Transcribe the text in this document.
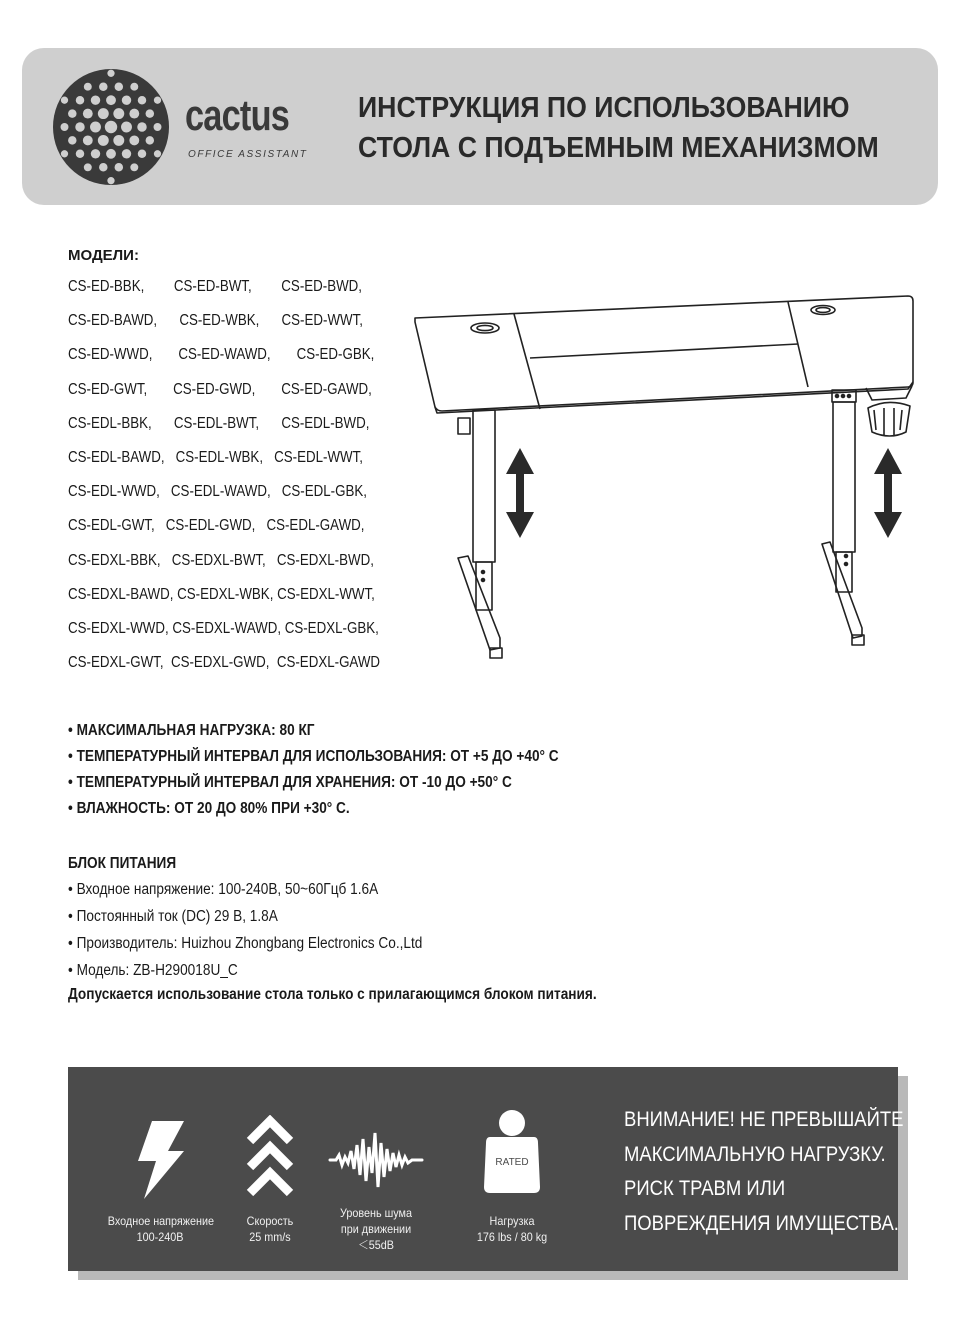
cactus
OFFICE ASSISTANT
ИНСТРУКЦИЯ ПО ИСПОЛЬЗОВАНИЮ
СТОЛА С ПОДЪЕМНЫМ МЕХАНИЗМОМ
МОДЕЛИ:
CS-ED-BBK,        CS-ED-BWT,        CS-ED-BWD,
CS-ED-BAWD,      CS-ED-WBK,      CS-ED-WWT,
CS-ED-WWD,       CS-ED-WAWD,       CS-ED-GBK,
CS-ED-GWT,       CS-ED-GWD,       CS-ED-GAWD,
CS-EDL-BBK,      CS-EDL-BWT,      CS-EDL-BWD,
CS-EDL-BAWD,   CS-EDL-WBK,   CS-EDL-WWT,
CS-EDL-WWD,   CS-EDL-WAWD,   CS-EDL-GBK,
CS-EDL-GWT,   CS-EDL-GWD,   CS-EDL-GAWD,
CS-EDXL-BBK,   CS-EDXL-BWT,   CS-EDXL-BWD,
CS-EDXL-BAWD, CS-EDXL-WBK, CS-EDXL-WWT,
CS-EDXL-WWD, CS-EDXL-WAWD, CS-EDXL-GBK,
CS-EDXL-GWT,  CS-EDXL-GWD,  CS-EDXL-GAWD
• МАКСИМАЛЬНАЯ НАГРУЗКА: 80 КГ
• ТЕМПЕРАТУРНЫЙ ИНТЕРВАЛ ДЛЯ ИСПОЛЬЗОВАНИЯ: ОТ +5 ДО +40° С
• ТЕМПЕРАТУРНЫЙ ИНТЕРВАЛ ДЛЯ ХРАНЕНИЯ: ОТ -10 ДО +50° С
• ВЛАЖНОСТЬ: ОТ 20 ДО 80% ПРИ +30° С.
БЛОК ПИТАНИЯ
• Входное напряжение: 100-240В, 50~60Гцб 1.6А
• Постоянный ток (DC) 29 В, 1.8А
• Производитель: Huizhou Zhongbang Electronics Co.,Ltd
• Модель: ZB-H290018U_C
Допускается использование стола только с прилагающимся блоком питания.
Входное напряжение
100-240В
Скорость
25 mm/s
Уровень шума
при движении
＜55dB
RATED
Нагрузка
176 lbs / 80 kg
ВНИМАНИЕ! НЕ ПРЕВЫШАЙТЕ
МАКСИМАЛЬНУЮ НАГРУЗКУ.
РИСК ТРАВМ ИЛИ
ПОВРЕЖДЕНИЯ ИМУЩЕСТВА.
